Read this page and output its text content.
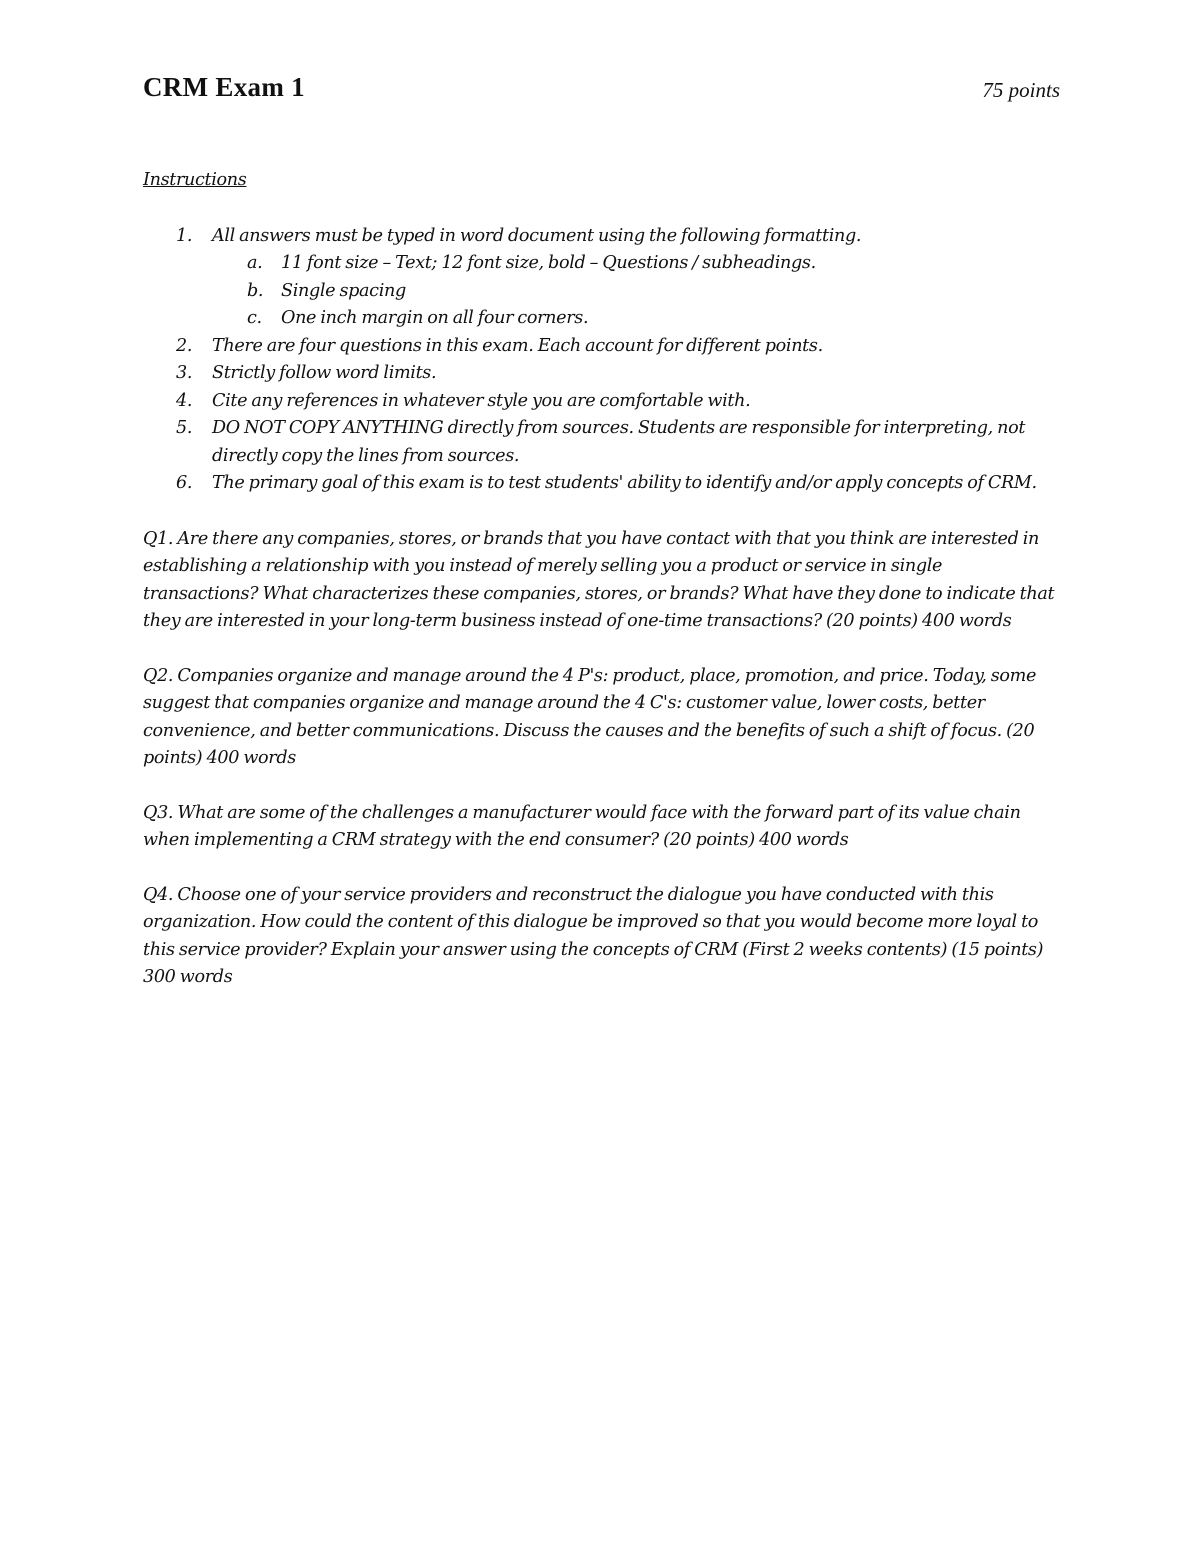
CRM Exam 1	75 points
Instructions
1. All answers must be typed in word document using the following formatting.
a. 11 font size – Text; 12 font size, bold – Questions / subheadings.
b. Single spacing
c. One inch margin on all four corners.
2. There are four questions in this exam. Each account for different points.
3. Strictly follow word limits.
4. Cite any references in whatever style you are comfortable with.
5. DO NOT COPY ANYTHING directly from sources. Students are responsible for interpreting, not directly copy the lines from sources.
6. The primary goal of this exam is to test students' ability to identify and/or apply concepts of CRM.

Q1. Are there any companies, stores, or brands that you have contact with that you think are interested in establishing a relationship with you instead of merely selling you a product or service in single transactions? What characterizes these companies, stores, or brands? What have they done to indicate that they are interested in your long-term business instead of one-time transactions? (20 points) 400 words

Q2. Companies organize and manage around the 4 P's: product, place, promotion, and price. Today, some suggest that companies organize and manage around the 4 C's: customer value, lower costs, better convenience, and better communications. Discuss the causes and the benefits of such a shift of focus. (20 points) 400 words

Q3. What are some of the challenges a manufacturer would face with the forward part of its value chain when implementing a CRM strategy with the end consumer? (20 points) 400 words

Q4. Choose one of your service providers and reconstruct the dialogue you have conducted with this organization. How could the content of this dialogue be improved so that you would become more loyal to this service provider? Explain your answer using the concepts of CRM (First 2 weeks contents) (15 points) 300 words
